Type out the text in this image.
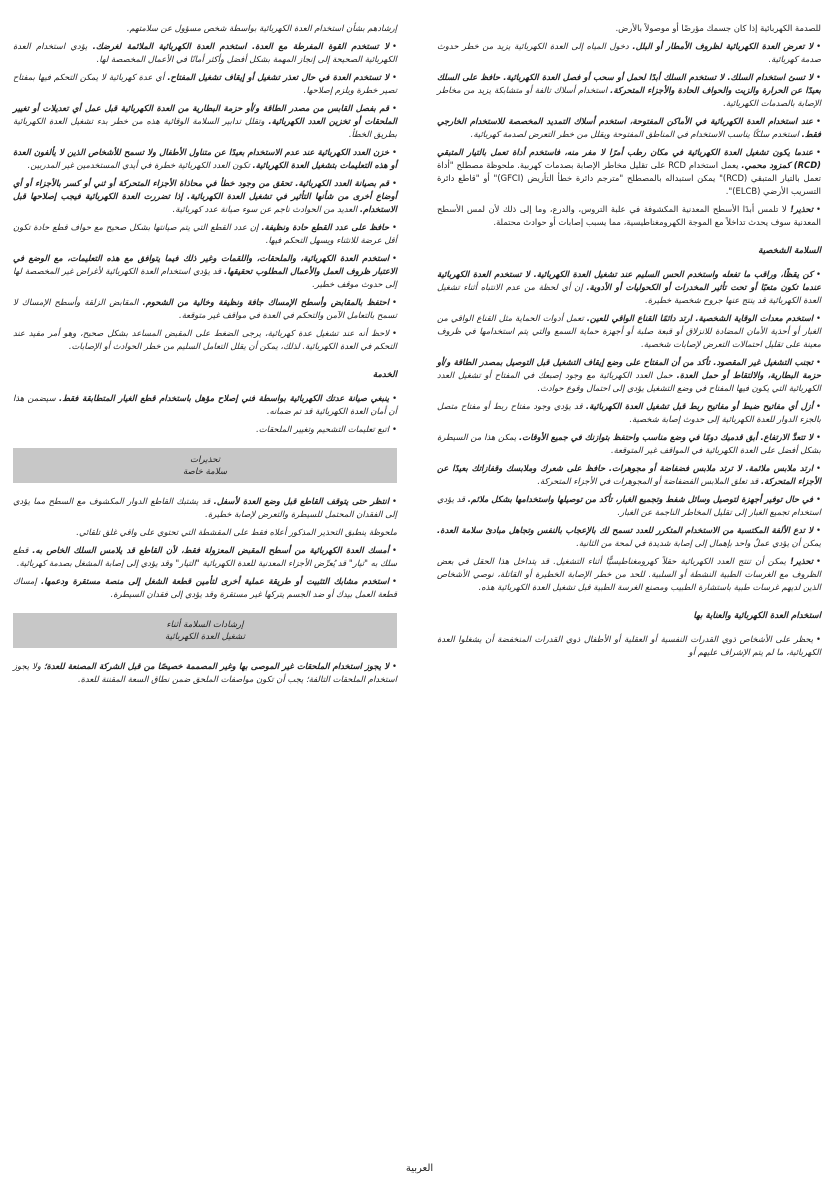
للصدمة الكهربائية إذا كان جسمك مؤرضًا أو موصولاً بالأرض.

•لا تعرض العدة الكهربائية لظروف الأمطار أو البلل. دخول المياه إلى العدة الكهربائية يزيد من خطر حدوث صدمة كهربائية.

•لا تسئ استخدام السلك. لا تستخدم السلك أبدًا لحمل أو سحب أو فصل العدة الكهربائية. حافظ على السلك بعيدًا عن الحرارة والزيت والحواف الحادة والأجزاء المتحركة. استخدام أسلاك تالفة أو متشابكة يزيد من مخاطر الإصابة بالصدمات الكهربائية.

•عند استخدام العدة الكهربائية في الأماكن المفتوحة، استخدم أسلاك التمديد المخصصة للاستخدام الخارجي فقط. استخدم سلكًا يناسب الاستخدام في المناطق المفتوحة ويقلل من خطر التعرض لصدمة كهربائية.

•عندما يكون تشغيل العدة الكهربائية في مكان رطب أمرًا لا مفر منه، فاستخدم أداة تعمل بالتيار المتبقي (RCD) كمزود محمي. يعمل استخدام RCD على تقليل مخاطر الإصابة بصدمات كهربية. ملحوظة مصطلح "أداة تعمل بالتيار المتبقي (RCD)" يمكن استبداله بالمصطلح "مترجم دائرة خطأ التأريض (GFCI)" أو "قاطع دائرة التسريب الأرضي (ELCB)".

•تحذير! لا تلمس أبدًا الأسطح المعدنية المكشوفة في علبة التروس، والدرع، وما إلى ذلك لأن لمس الأسطح المعدنية سوف يحدث تداخلاً مع الموجة الكهرومغناطيسية، مما يسبب إصابات أو حوادث محتملة.

السلامة الشخصية

•كن يقظًا، وراقب ما تفعله واستخدم الحس السليم عند تشغيل العدة الكهربائية. لا تستخدم العدة الكهربائية عندما تكون متعبًا أو تحت تأثير المخدرات أو الكحوليات أو الأدوية. إن أي لحظة من عدم الانتباه أثناء تشغيل العدة الكهربائية قد ينتج عنها جروح شخصية خطيرة.

•استخدم معدات الوقاية الشخصية. ارتد دائمًا القناع الواقي للعين. تعمل أدوات الحماية مثل القناع الواقي من الغبار أو أحذية الأمان المضادة للانزلاق أو قبعة صلبة أو أجهزة حماية السمع والتي يتم استخدامها في ظروف معينة على تقليل احتمالات التعرض لإصابات شخصية.

•تجنب التشغيل غير المقصود. تأكد من أن المفتاح على وضع إيقاف التشغيل قبل التوصيل بمصدر الطاقة و/أو حزمة البطارية، والالتقاط أو حمل العدة. حمل العدد الكهربائية مع وجود إصبعك في المفتاح أو تشغيل العدد الكهربائية التي يكون فيها المفتاح في وضع التشغيل يؤدي إلى احتمال وقوع حوادث.

•أزل أي مفاتيح ضبط أو مفاتيح ربط قبل تشغيل العدة الكهربائية. قد يؤدي وجود مفتاح ربط أو مفتاح متصل بالجزء الدوار للعدة الكهربائية إلى حدوث إصابة شخصية.

•لا تتعدَّ الارتفاع. أبق قدميك دومًا في وضع مناسب واحتفظ بتوازنك في جميع الأوقات. يمكن هذا من السيطرة بشكل أفضل على العدة الكهربائية في المواقف غير المتوقعة.

•ارتد ملابس ملائمة. لا ترتد ملابس فضفاضة أو مجوهرات. حافظ على شعرك وملابسك وقفازاتك بعيدًا عن الأجزاء المتحركة. قد تعلق الملابس الفضفاضة أو المجوهرات في الأجزاء المتحركة.

•في حال توفير أجهزة لتوصيل وسائل شفط وتجميع الغبار، تأكد من توصيلها واستخدامها بشكل ملائم. قد يؤدي استخدام تجميع الغبار إلى تقليل المخاطر الناجمة عن الغبار.

•لا تدع الألفة المكتسبة من الاستخدام المتكرر للعدد تسمح لك بالإعجاب بالنفس وتجاهل مبادئ سلامة العدة. يمكن أن يؤدي عملٌ واحد بإهمال إلى إصابة شديدة في لمحة من الثانية.

•تحذير! يمكن أن تنتج العدد الكهربائية حقلاً كهرومغناطيسيًّا أثناء التشغيل. قد يتداخل هذا الحقل في بعض الظروف مع الغرسات الطبية النشطة أو السلبية. للحد من خطر الإصابة الخطيرة أو القاتلة، نوصي الأشخاص الذين لديهم غرسات طبية باستشارة الطبيب ومصنع الغرسة الطبية قبل تشغيل العدة الكهربائية هذه.

استخدام العدة الكهربائية والعناية بها

•يحظر على الأشخاص ذوي القدرات النفسية أو العقلية أو الأطفال ذوي القدرات المنخفضة أن يشغلوا العدة الكهربائية، ما لم يتم الإشراف عليهم أو

إرشادهم بشأن استخدام العدة الكهربائية بواسطة شخص مسؤول عن سلامتهم.

•لا تستخدم القوة المفرطة مع العدة. استخدم العدة الكهربائية الملائمة لغرضك. يؤدي استخدام العدة الكهربائية الصحيحة إلى إنجاز المهمة بشكل أفضل وأكثر أمانًا في الأعمال المخصصة لها.

•لا تستخدم العدة في حال تعذر تشغيل أو إيقاف تشغيل المفتاح. أي عدة كهربائية لا يمكن التحكم فيها بمفتاح تصير خطرة ويلزم إصلاحها.

•قم بفصل القابس من مصدر الطاقة و/أو حزمة البطارية من العدة الكهربائية قبل عمل أي تعديلات أو تغيير الملحقات أو تخزين العدد الكهربائية. وتقلل تدابير السلامة الوقائية هذه من خطر بدء تشغيل العدة الكهربائية بطريق الخطأ.

•خزن العدد الكهربائية عند عدم الاستخدام بعيدًا عن متناول الأطفال ولا تسمح للأشخاص الذين لا يألفون العدة أو هذه التعليمات بتشغيل العدة الكهربائية. تكون العدد الكهربائية خطرة في أيدي المستخدمين غير المدربين.

•قم بصيانة العدد الكهربائية. تحقق من وجود خطأ في محاذاة الأجزاء المتحركة أو ثني أو كسر بالأجزاء أو أي أوضاع أخرى من شأنها التأثير في تشغيل العدة الكهربائية. إذا تضررت العدة الكهربائية فيجب إصلاحها قبل الاستخدام. العديد من الحوادث ناجم عن سوء صيانة عدد كهربائية.

•حافظ على عدد القطع حادة ونظيفة. إن عدد القطع التي يتم صيانتها بشكل صحيح مع حواف قطع حادة تكون أقل عرضة للانثناء ويسهل التحكم فيها.

•استخدم العدة الكهربائية، والملحقات، واللقمات وغير ذلك فيما يتوافق مع هذه التعليمات، مع الوضع في الاعتبار ظروف العمل والأعمال المطلوب تحقيقها. قد يؤدي استخدام العدة الكهربائية لأغراض غير المخصصة لها إلى حدوث موقف خطير.

•احتفظ بالمقابض وأسطح الإمساك جافة ونظيفة وخالية من الشحوم. المقابض الزلقة وأسطح الإمساك لا تسمح بالتعامل الآمن والتحكم في العدة في مواقف غير متوقعة.

•لاحظ أنه عند تشغيل عدة كهربائية، يرجى الضغط على المقبض المساعد بشكل صحيح، وهو أمر مفيد عند التحكم في العدة الكهربائية. لذلك، يمكن أن يقلل التعامل السليم من خطر الحوادث أو الإصابات.

الخدمة

•ينبغي صيانة عدتك الكهربائية بواسطة فني إصلاح مؤهل باستخدام قطع الغيار المتطابقة فقط. سيضمن هذا أن أمان العدة الكهربائية قد تم ضمانه.

•اتبع تعليمات التشحيم وتغيير الملحقات.

تحذيرات
سلامة خاصة

•انتظر حتى يتوقف القاطع قبل وضع العدة لأسفل. قد يشتبك القاطع الدوار المكشوف مع السطح مما يؤدي إلى الفقدان المحتمل للسيطرة والتعرض لإصابة خطيرة.

ملحوظة ينطبق التحذير المذكور أعلاه فقط على المقشطة التي تحتوي على واقي غلق تلقائي.

•أمسك العدة الكهربائية من أسطح المقبض المعزولة فقط، لأن القاطع قد يلامس السلك الخاص به. قطع سلك به "تيار" قد يُعرِّض الأجزاء المعدنية للعدة الكهربائية "التيار" وقد يؤدي إلى إصابة المشغل بصدمة كهربائية.

•استخدم مشابك التثبيت أو طريقة عملية أخرى لتأمين قطعة الشغل إلى منصة مستقرة ودعمها. إمساك قطعة العمل بيدك أو ضد الجسم يتركها غير مستقرة وقد يؤدي إلى فقدان السيطرة.

إرشادات السلامة أثناء
تشغيل العدة الكهربائية

•لا يجوز استخدام الملحقات غير الموصى بها وغير المصممة خصيصًا من قبل الشركة المصنعة للعدة؛ ولا يجوز استخدام الملحقات التالفة؛ يجب أن تكون مواصفات الملحق ضمن نطاق السعة المقننة للعدة.

العربية
